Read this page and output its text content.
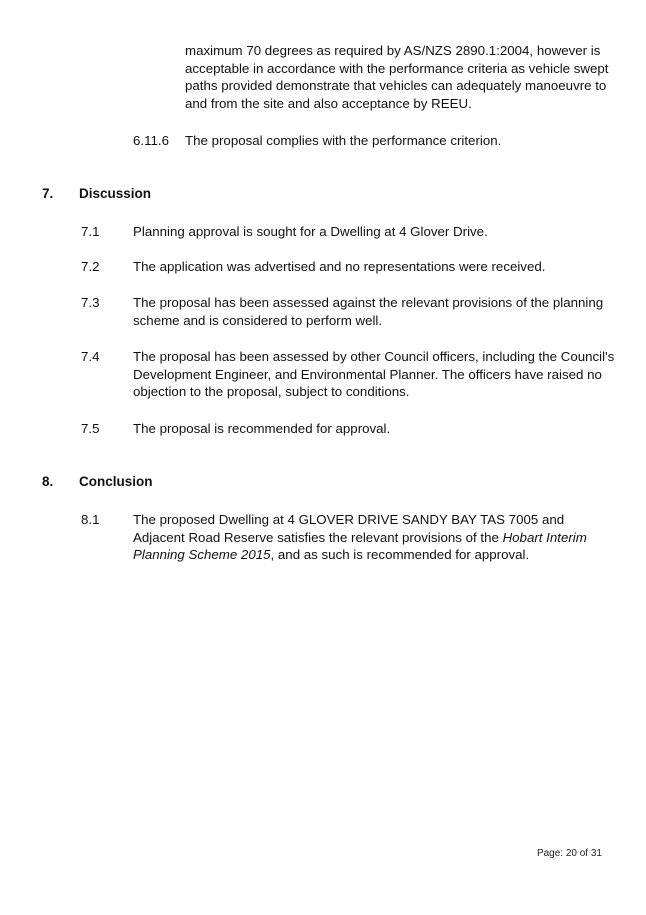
maximum 70 degrees as required by AS/NZS 2890.1:2004, however is
acceptable in accordance with the performance criteria as vehicle swept
paths provided demonstrate that vehicles can adequately manoeuvre to
and from the site and also acceptance by REEU.
6.11.6 The proposal complies with the performance criterion.
7. Discussion
7.1	Planning approval is sought for a Dwelling at 4 Glover Drive.
7.2	The application was advertised and no representations were received.
7.3	The proposal has been assessed against the relevant provisions of the planning
scheme and is considered to perform well.
7.4	The proposal has been assessed by other Council officers, including the Council's
Development Engineer, and Environmental Planner. The officers have raised no
objection to the proposal, subject to conditions.
7.5	The proposal is recommended for approval.
8. Conclusion
8.1	The proposed Dwelling at 4 GLOVER DRIVE SANDY BAY TAS 7005 and
Adjacent Road Reserve satisfies the relevant provisions of the Hobart Interim
Planning Scheme 2015, and as such is recommended for approval.
Page: 20 of 31
